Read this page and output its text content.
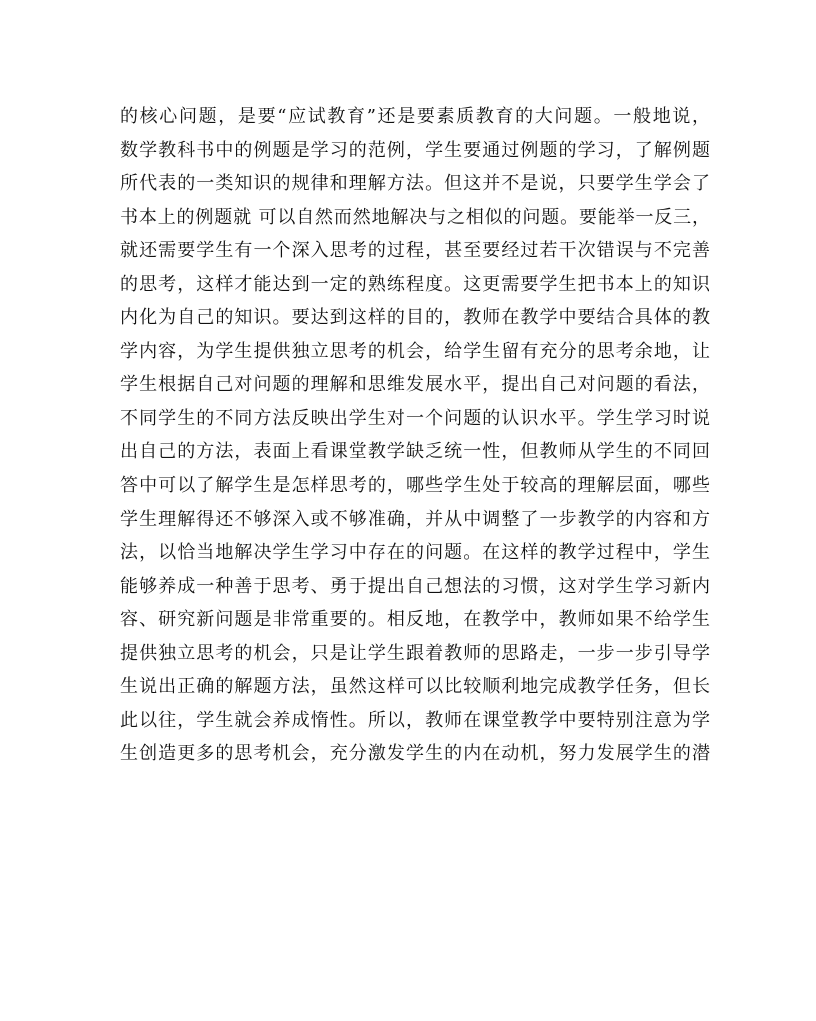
的核心问题，是要“应试教育”还是要素质教育的大问题。一般地说，
数学教科书中的例题是学习的范例，学生要通过例题的学习，了解例题
所代表的一类知识的规律和理解方法。但这并不是说，只要学生学会了
书本上的例题就 可以自然而然地解决与之相似的问题。要能举一反三，
就还需要学生有一个深入思考的过程，甚至要经过若干次错误与不完善
的思考，这样才能达到一定的熟练程度。这更需要学生把书本上的知识
内化为自己的知识。要达到这样的目的，教师在教学中要结合具体的教
学内容，为学生提供独立思考的机会，给学生留有充分的思考余地，让
学生根据自己对问题的理解和思维发展水平，提出自己对问题的看法，
不同学生的不同方法反映出学生对一个问题的认识水平。学生学习时说
出自己的方法，表面上看课堂教学缺乏统一性，但教师从学生的不同回
答中可以了解学生是怎样思考的，哪些学生处于较高的理解层面，哪些
学生理解得还不够深入或不够准确，并从中调整了一步教学的内容和方
法，以恰当地解决学生学习中存在的问题。在这样的教学过程中，学生
能够养成一种善于思考、勇于提出自己想法的习惯，这对学生学习新内
容、研究新问题是非常重要的。相反地，在教学中，教师如果不给学生
提供独立思考的机会，只是让学生跟着教师的思路走，一步一步引导学
生说出正确的解题方法，虽然这样可以比较顺利地完成教学任务，但长
此以往，学生就会养成惰性。所以，教师在课堂教学中要特别注意为学
生创造更多的思考机会，充分激发学生的内在动机，努力发展学生的潜
